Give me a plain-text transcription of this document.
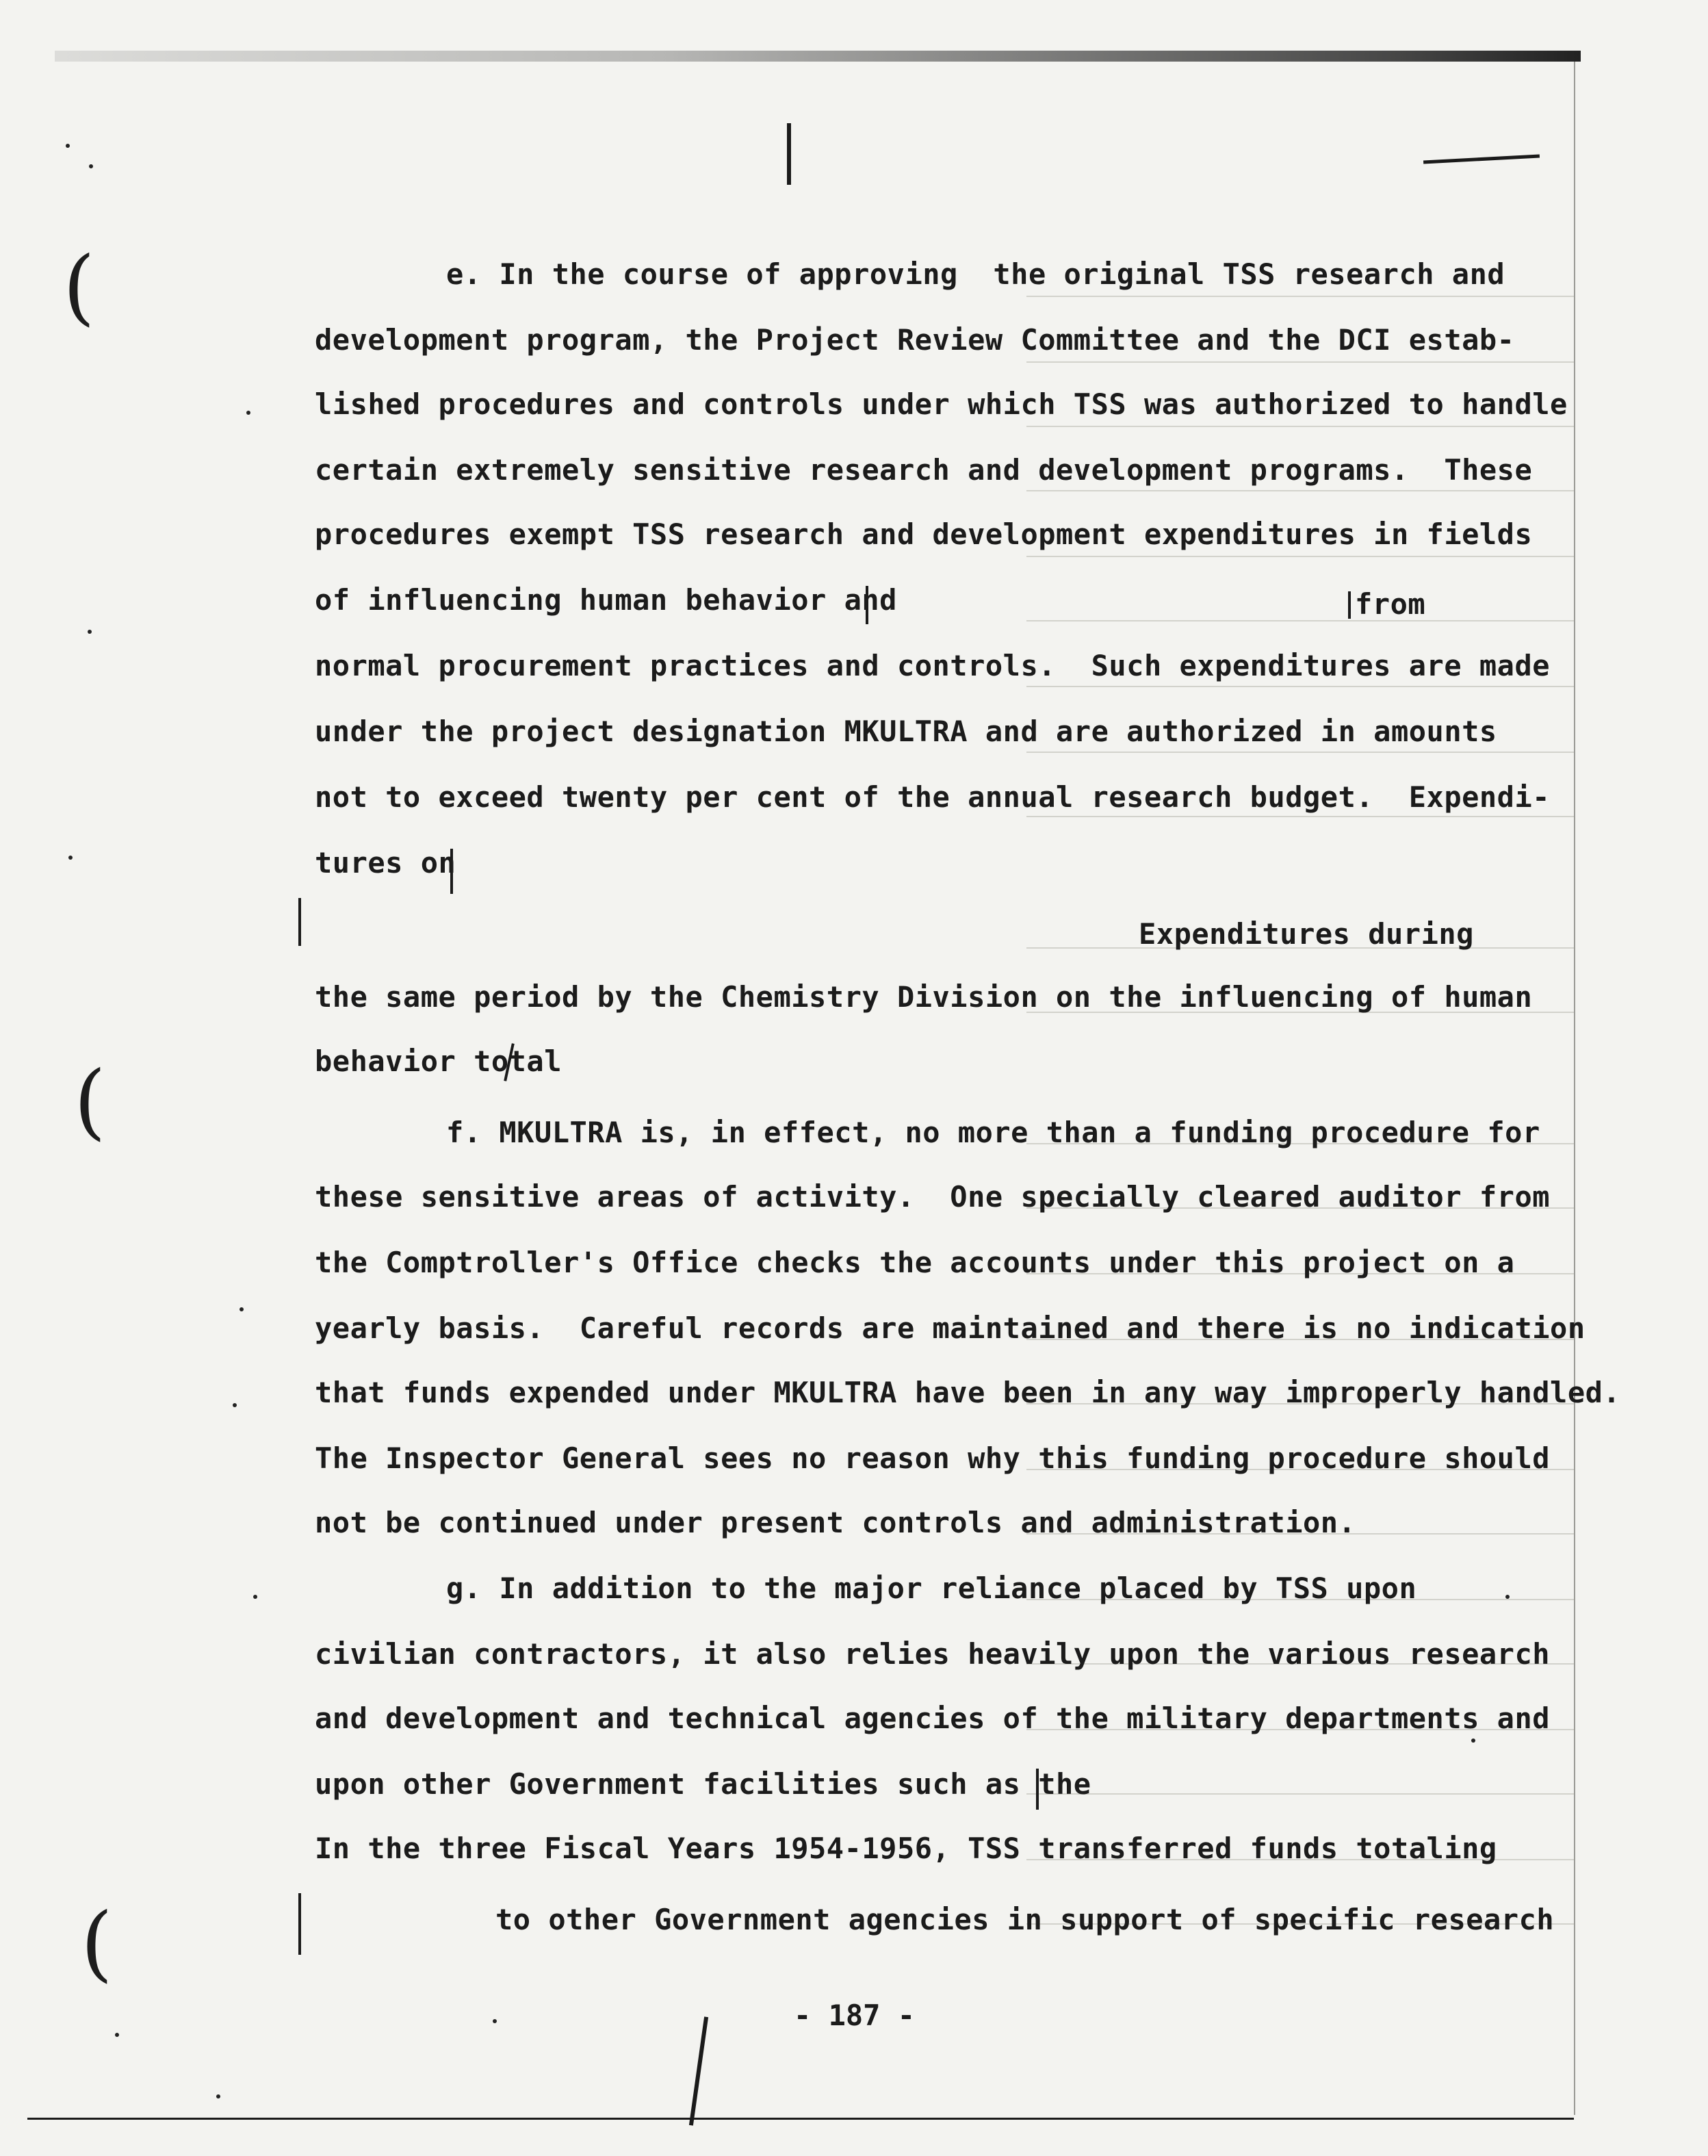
(
(
(
e. In the course of approving  the original TSS research and
development program, the Project Review Committee and the DCI estab-
lished procedures and controls under which TSS was authorized to handle
certain extremely sensitive research and development programs.  These
procedures exempt TSS research and development expenditures in fields
of influencing human behavior and	from
normal procurement practices and controls.  Such expenditures are made
under the project designation MKULTRA and are authorized in amounts
not to exceed twenty per cent of the annual research budget.  Expendi-
tures on
Expenditures during
the same period by the Chemistry Division on the influencing of human
behavior total
f. MKULTRA is, in effect, no more than a funding procedure for
these sensitive areas of activity.  One specially cleared auditor from
the Comptroller's Office checks the accounts under this project on a
yearly basis.  Careful records are maintained and there is no indication
that funds expended under MKULTRA have been in any way improperly handled.
The Inspector General sees no reason why this funding procedure should
not be continued under present controls and administration.
g. In addition to the major reliance placed by TSS upon
civilian contractors, it also relies heavily upon the various research
and development and technical agencies of the military departments and
upon other Government facilities such as the
In the three Fiscal Years 1954-1956, TSS transferred funds totaling
to other Government agencies in support of specific research
- 187 -
